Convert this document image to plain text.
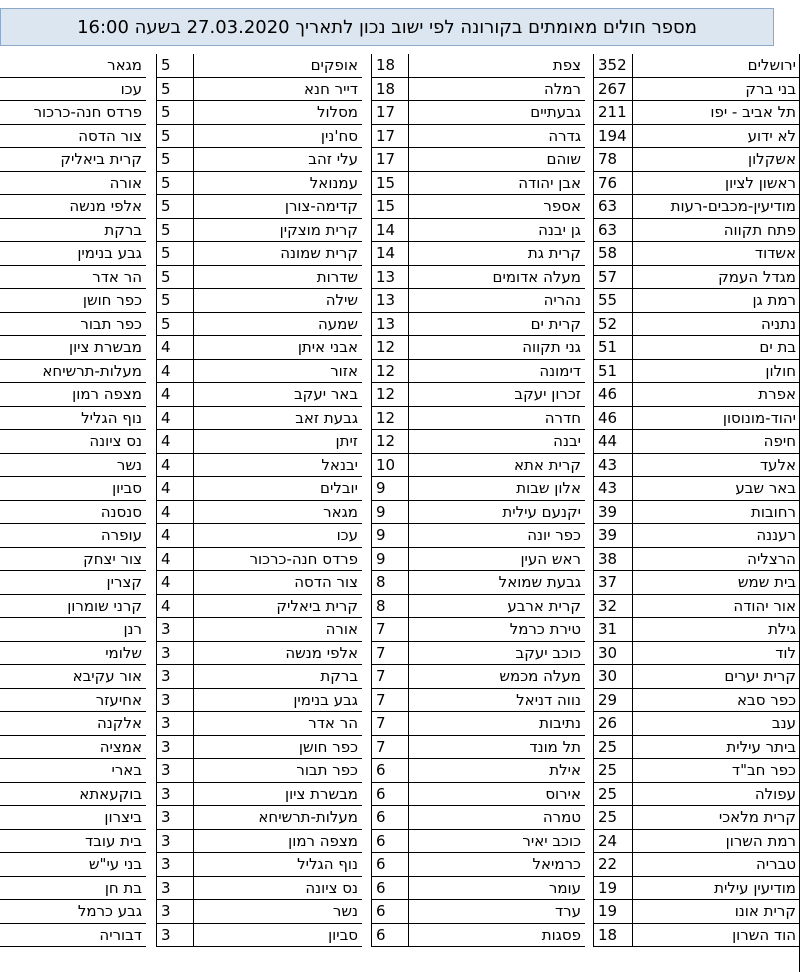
מספר חולים מאומתים בקורונה לפי ישוב נכון לתאריך 27.03.2020 בשעה 16:00
ירושלים
352
צפת
18
אופקים
5
מגאר
בני ברק
267
רמלה
18
דייר חנא
5
עכו
תל אביב - יפו
211
גבעתיים
17
מסלול
5
פרדס חנה-כרכור
לא ידוע
194
גדרה
17
סח'נין
5
צור הדסה
אשקלון
78
שוהם
17
עלי זהב
5
קרית ביאליק
ראשון לציון
76
אבן יהודה
15
עמנואל
5
אורה
מודיעין-מכבים-רעות
63
אספר
15
קדימה-צורן
5
אלפי מנשה
פתח תקווה
63
גן יבנה
14
קרית מוצקין
5
ברקת
אשדוד
58
קרית גת
14
קרית שמונה
5
גבע בנימין
מגדל העמק
57
מעלה אדומים
13
שדרות
5
הר אדר
רמת גן
55
נהריה
13
שילה
5
כפר חושן
נתניה
52
קרית ים
13
שמעה
5
כפר תבור
בת ים
51
גני תקווה
12
אבני איתן
4
מבשרת ציון
חולון
51
דימונה
12
אזור
4
מעלות-תרשיחא
אפרת
46
זכרון יעקב
12
באר יעקב
4
מצפה רמון
יהוד-מונוסון
46
חדרה
12
גבעת זאב
4
נוף הגליל
חיפה
44
יבנה
12
זיתן
4
נס ציונה
אלעד
43
קרית אתא
10
יבנאל
4
נשר
באר שבע
43
אלון שבות
9
יובלים
4
סביון
רחובות
39
יקנעם עילית
9
מגאר
4
סנסנה
רעננה
39
כפר יונה
9
עכו
4
עופרה
הרצליה
38
ראש העין
9
פרדס חנה-כרכור
4
צור יצחק
בית שמש
37
גבעת שמואל
8
צור הדסה
4
קצרין
אור יהודה
32
קרית ארבע
8
קרית ביאליק
4
קרני שומרון
גילת
31
טירת כרמל
7
אורה
3
רנן
לוד
30
כוכב יעקב
7
אלפי מנשה
3
שלומי
קרית יערים
30
מעלה מכמש
7
ברקת
3
אור עקיבא
כפר סבא
29
נווה דניאל
7
גבע בנימין
3
אחיעזר
ענב
26
נתיבות
7
הר אדר
3
אלקנה
ביתר עילית
25
תל מונד
7
כפר חושן
3
אמציה
כפר חב"ד
25
אילת
6
כפר תבור
3
בארי
עפולה
25
אירוס
6
מבשרת ציון
3
בוקעאתא
קרית מלאכי
25
טמרה
6
מעלות-תרשיחא
3
ביצרון
רמת השרון
24
כוכב יאיר
6
מצפה רמון
3
בית עובד
טבריה
22
כרמיאל
6
נוף הגליל
3
בני עי"ש
מודיעין עילית
19
עומר
6
נס ציונה
3
בת חן
קרית אונו
19
ערד
6
נשר
3
גבע כרמל
הוד השרון
18
פסגות
6
סביון
3
דבוריה
